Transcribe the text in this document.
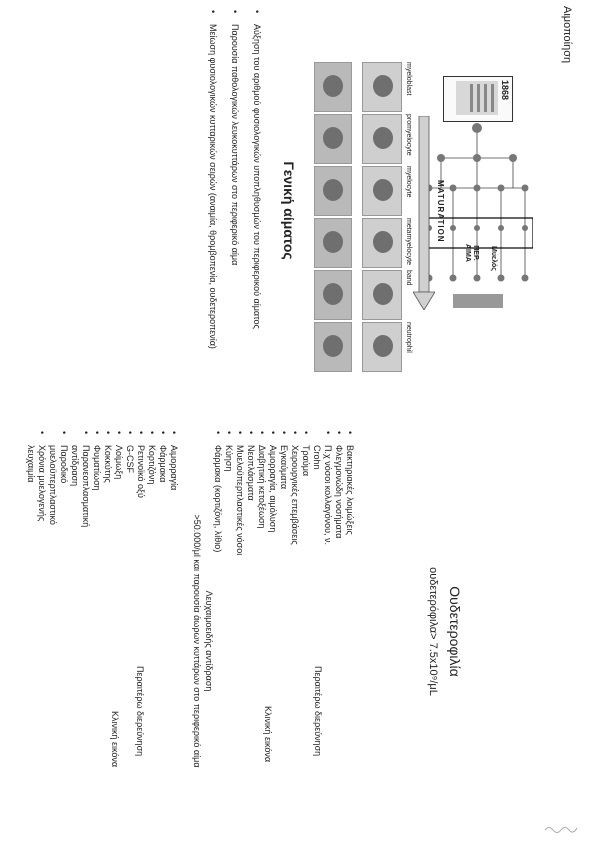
Αιμοποίηση
1868
Μυελός
ΠΕΡ.
ΑΙΜΑ
MATURATION
myeloblast
promyelocyte
myelocyte
metamyelocyte
band
neutrophil
Γενική αίματος
• Αύξηση του αριθμού φυσιολογικών υποπληθυσμών του περιφερικού αίματος
• Παρουσία παθολογικών λευκοκυττάρων στο περιφερικό αίμα
• Μείωση φυσιολογικών κυτταρικών σειρών (αναιμία, θρομβοπενία, ουδετεροπενία)
Ουδετεροφιλία
ουδετερόφιλα> 7.5x10⁹/μL
• Βακτηριακές λοιμώξεις
• Φλεγμονώδη νοσήματα
• Π.χ νόσοι κολλαγόνου, ν.
Crohn
• Τραύμα
• Χειρουργικές επεμβάσεις
• Εγκαύματα
• Αιμορραγία, αιμόλυση
• Διαβητική κετοξέωση
• Νεοπλάσματα
• Μυελοϋπερπλαστικές νόσοι
• Κύηση
• Φάρμακα (κορτιζόνη, λίθιο)
Περαιτέρω διερεύνηση
Κλινική εικόνα
Λευχαιμοειδής αντίδραση
>50.000/μl και παρουσία άωρων κυττάρων στο περιφερικό αίμα
• Αιμορραγία
• Φάρμακα
• Κορτιζόνη
• Ρετινοϊκό οξύ
• G-CSF
• Λοίμωξη
• Κοκκύτης
• Φυματίωση
• Παρανεοπλασματική
αντίδραση
• Παροδικό
μυελοϋπερπλαστικό
• Χρόνια μυελογενής
λευχαιμία
Περαιτέρω διερεύνηση
Κλινική εικόνα
